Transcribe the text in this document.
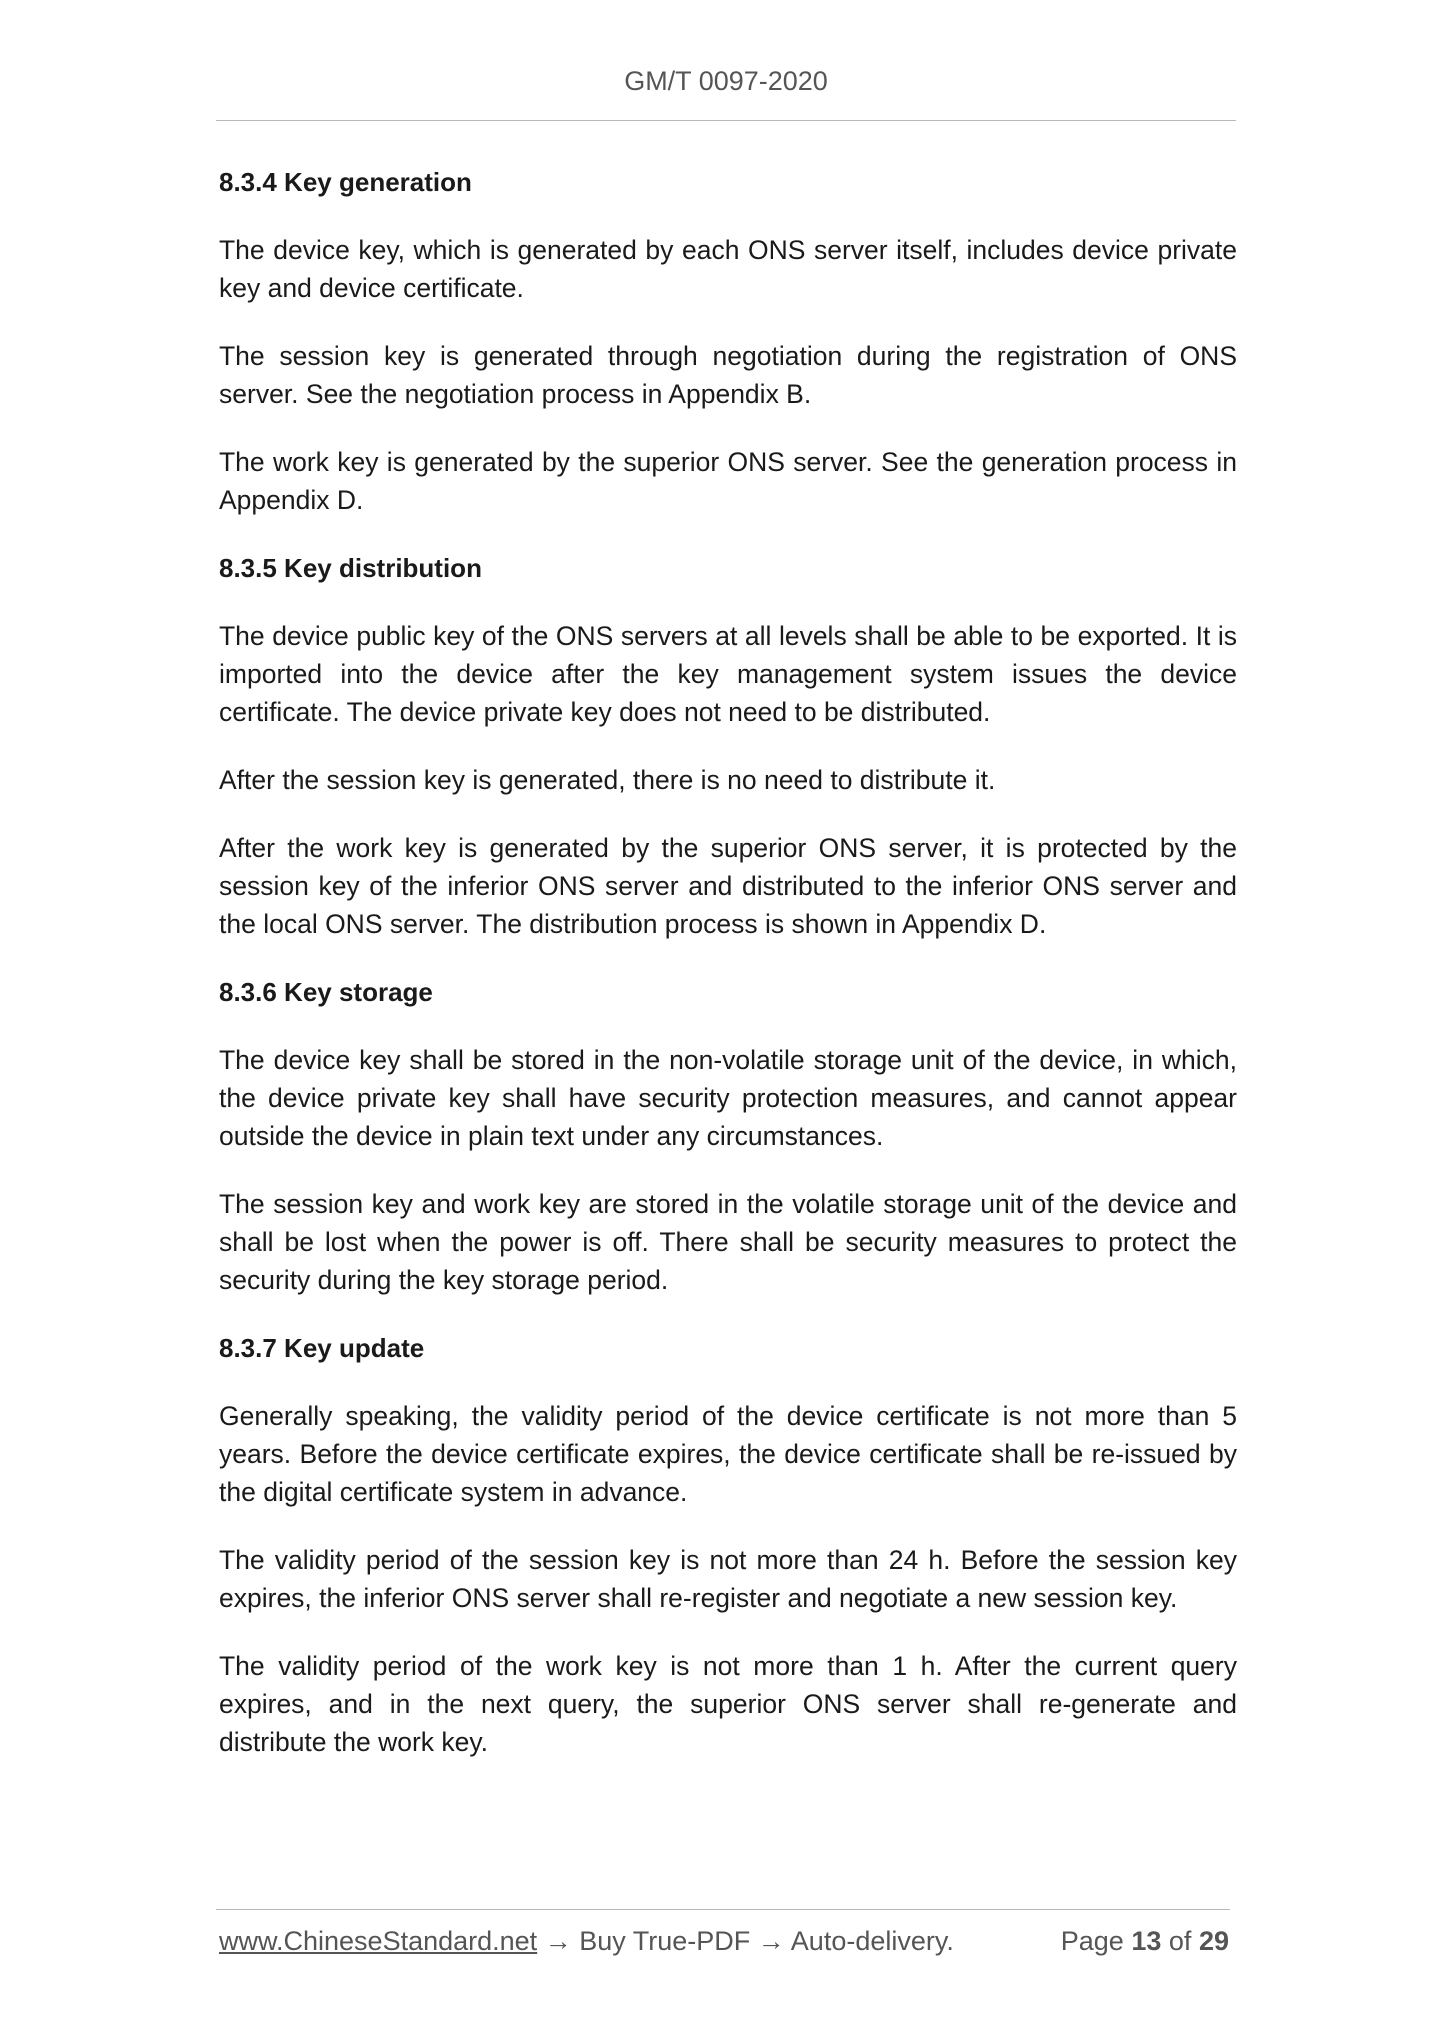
GM/T 0097-2020
8.3.4 Key generation

The device key, which is generated by each ONS server itself, includes device private key and device certificate.

The session key is generated through negotiation during the registration of ONS server. See the negotiation process in Appendix B.

The work key is generated by the superior ONS server. See the generation process in Appendix D.

8.3.5 Key distribution

The device public key of the ONS servers at all levels shall be able to be exported. It is imported into the device after the key management system issues the device certificate. The device private key does not need to be distributed.

After the session key is generated, there is no need to distribute it.

After the work key is generated by the superior ONS server, it is protected by the session key of the inferior ONS server and distributed to the inferior ONS server and the local ONS server. The distribution process is shown in Appendix D.

8.3.6 Key storage

The device key shall be stored in the non-volatile storage unit of the device, in which, the device private key shall have security protection measures, and cannot appear outside the device in plain text under any circumstances.

The session key and work key are stored in the volatile storage unit of the device and shall be lost when the power is off. There shall be security measures to protect the security during the key storage period.

8.3.7 Key update

Generally speaking, the validity period of the device certificate is not more than 5 years. Before the device certificate expires, the device certificate shall be re-issued by the digital certificate system in advance.

The validity period of the session key is not more than 24 h. Before the session key expires, the inferior ONS server shall re-register and negotiate a new session key.

The validity period of the work key is not more than 1 h. After the current query expires, and in the next query, the superior ONS server shall re-generate and distribute the work key.

www.ChineseStandard.net → Buy True-PDF → Auto-delivery.	Page 13 of 29
